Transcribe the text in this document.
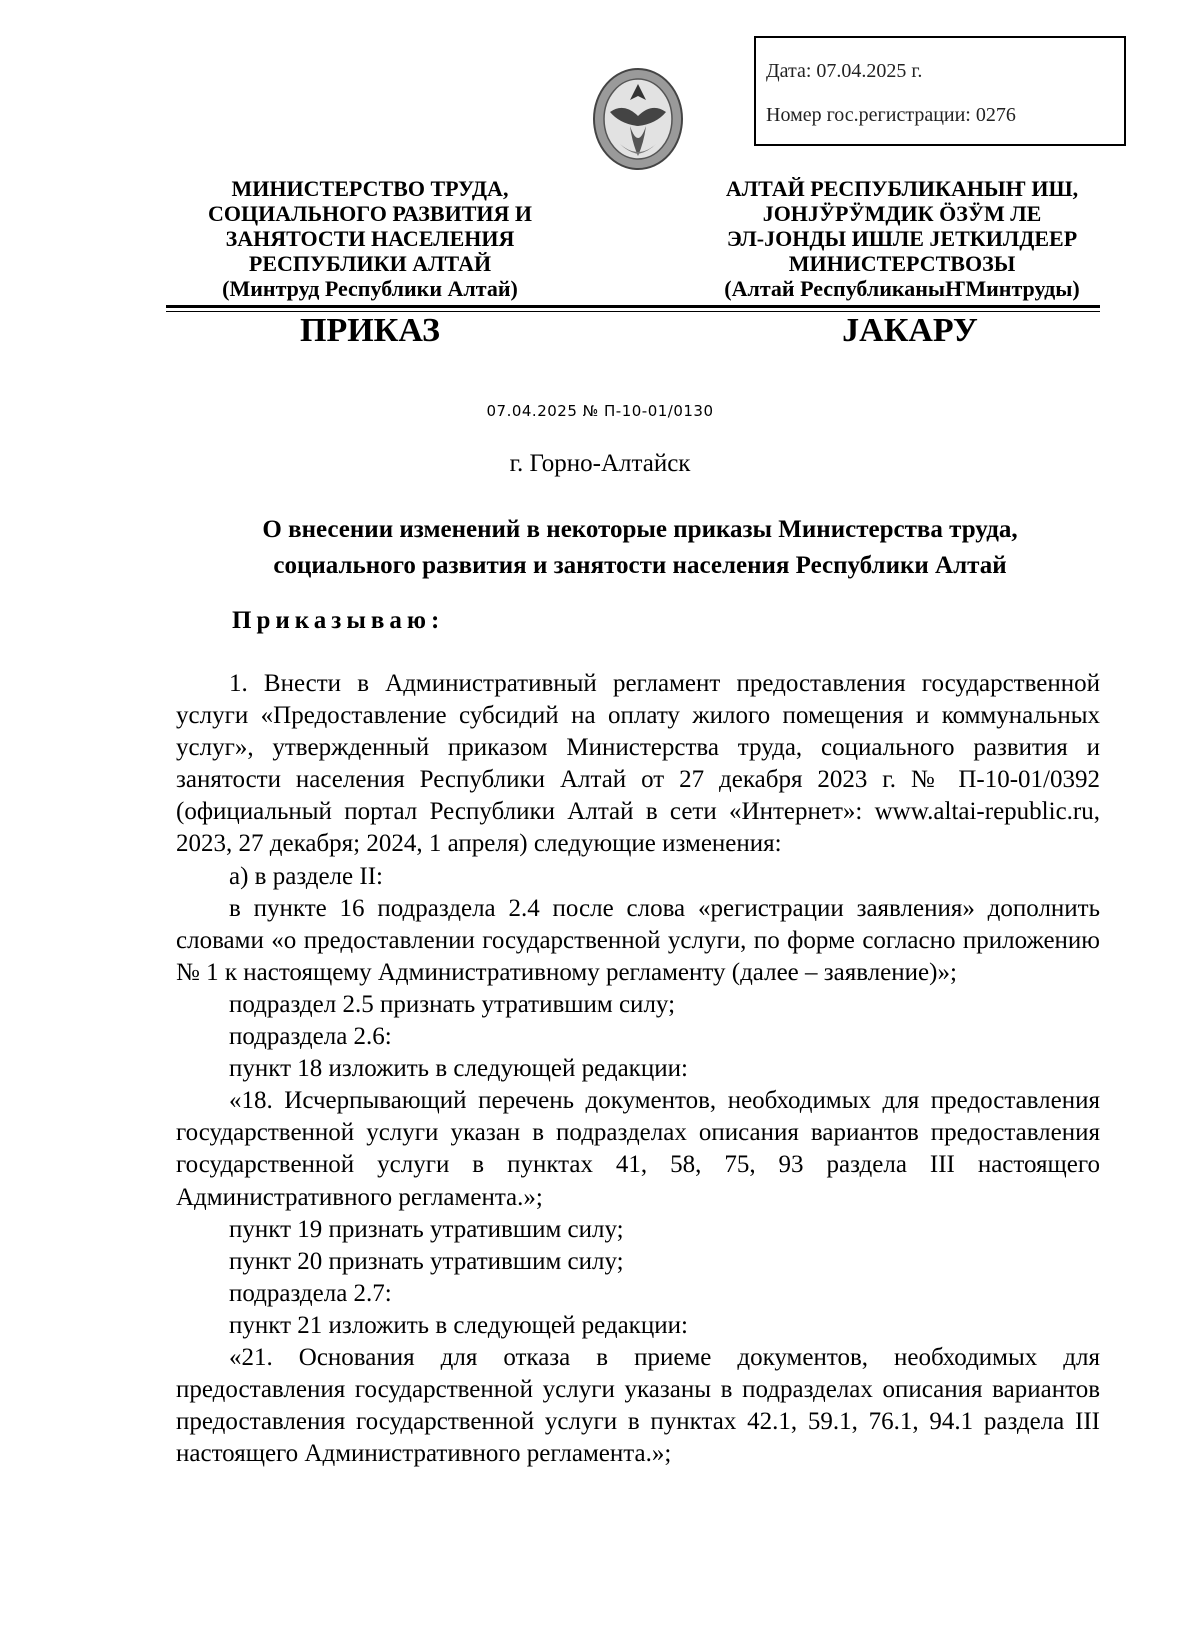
Дата: 07.04.2025 г.
Номер гос.регистрации: 0276
МИНИСТЕРСТВО ТРУДА,
СОЦИАЛЬНОГО РАЗВИТИЯ И
ЗАНЯТОСТИ НАСЕЛЕНИЯ
РЕСПУБЛИКИ АЛТАЙ
(Минтруд Республики Алтай)
АЛТАЙ РЕСПУБЛИКАНЫҤ ИШ,
ЈОНЈӰРӰМДИК ӦЗӰМ ЛЕ
ЭЛ-ЈОНДЫ ИШЛЕ ЈЕТКИЛДЕЕР
МИНИСТЕРСТВОЗЫ
(Алтай РеспубликаныҤМинтруды)
ПРИКАЗ	ЈАКАРУ
07.04.2025 № П-10-01/0130
г. Горно-Алтайск
О внесении изменений в некоторые приказы Министерства труда,
социального развития и занятости населения Республики Алтай
Приказываю:

1. Внести в Административный регламент предоставления государственной услуги «Предоставление субсидий на оплату жилого помещения и коммунальных услуг», утвержденный приказом Министерства труда, социального развития и занятости населения Республики Алтай от 27 декабря 2023 г. № П-10-01/0392 (официальный портал Республики Алтай в сети «Интернет»: www.altai-republic.ru, 2023, 27 декабря; 2024, 1 апреля) следующие изменения:

а) в разделе II:

в пункте 16 подраздела 2.4 после слова «регистрации заявления» дополнить словами «о предоставлении государственной услуги, по форме согласно приложению № 1 к настоящему Административному регламенту (далее – заявление)»;

подраздел 2.5 признать утратившим силу;

подраздела 2.6:

пункт 18 изложить в следующей редакции:

«18. Исчерпывающий перечень документов, необходимых для предоставления государственной услуги указан в подразделах описания вариантов предоставления государственной услуги в пунктах 41, 58, 75, 93 раздела III настоящего Административного регламента.»;

пункт 19 признать утратившим силу;

пункт 20 признать утратившим силу;

подраздела 2.7:

пункт 21 изложить в следующей редакции:

«21. Основания для отказа в приеме документов, необходимых для предоставления государственной услуги указаны в подразделах описания вариантов предоставления государственной услуги в пунктах 42.1, 59.1, 76.1, 94.1 раздела III настоящего Административного регламента.»;
